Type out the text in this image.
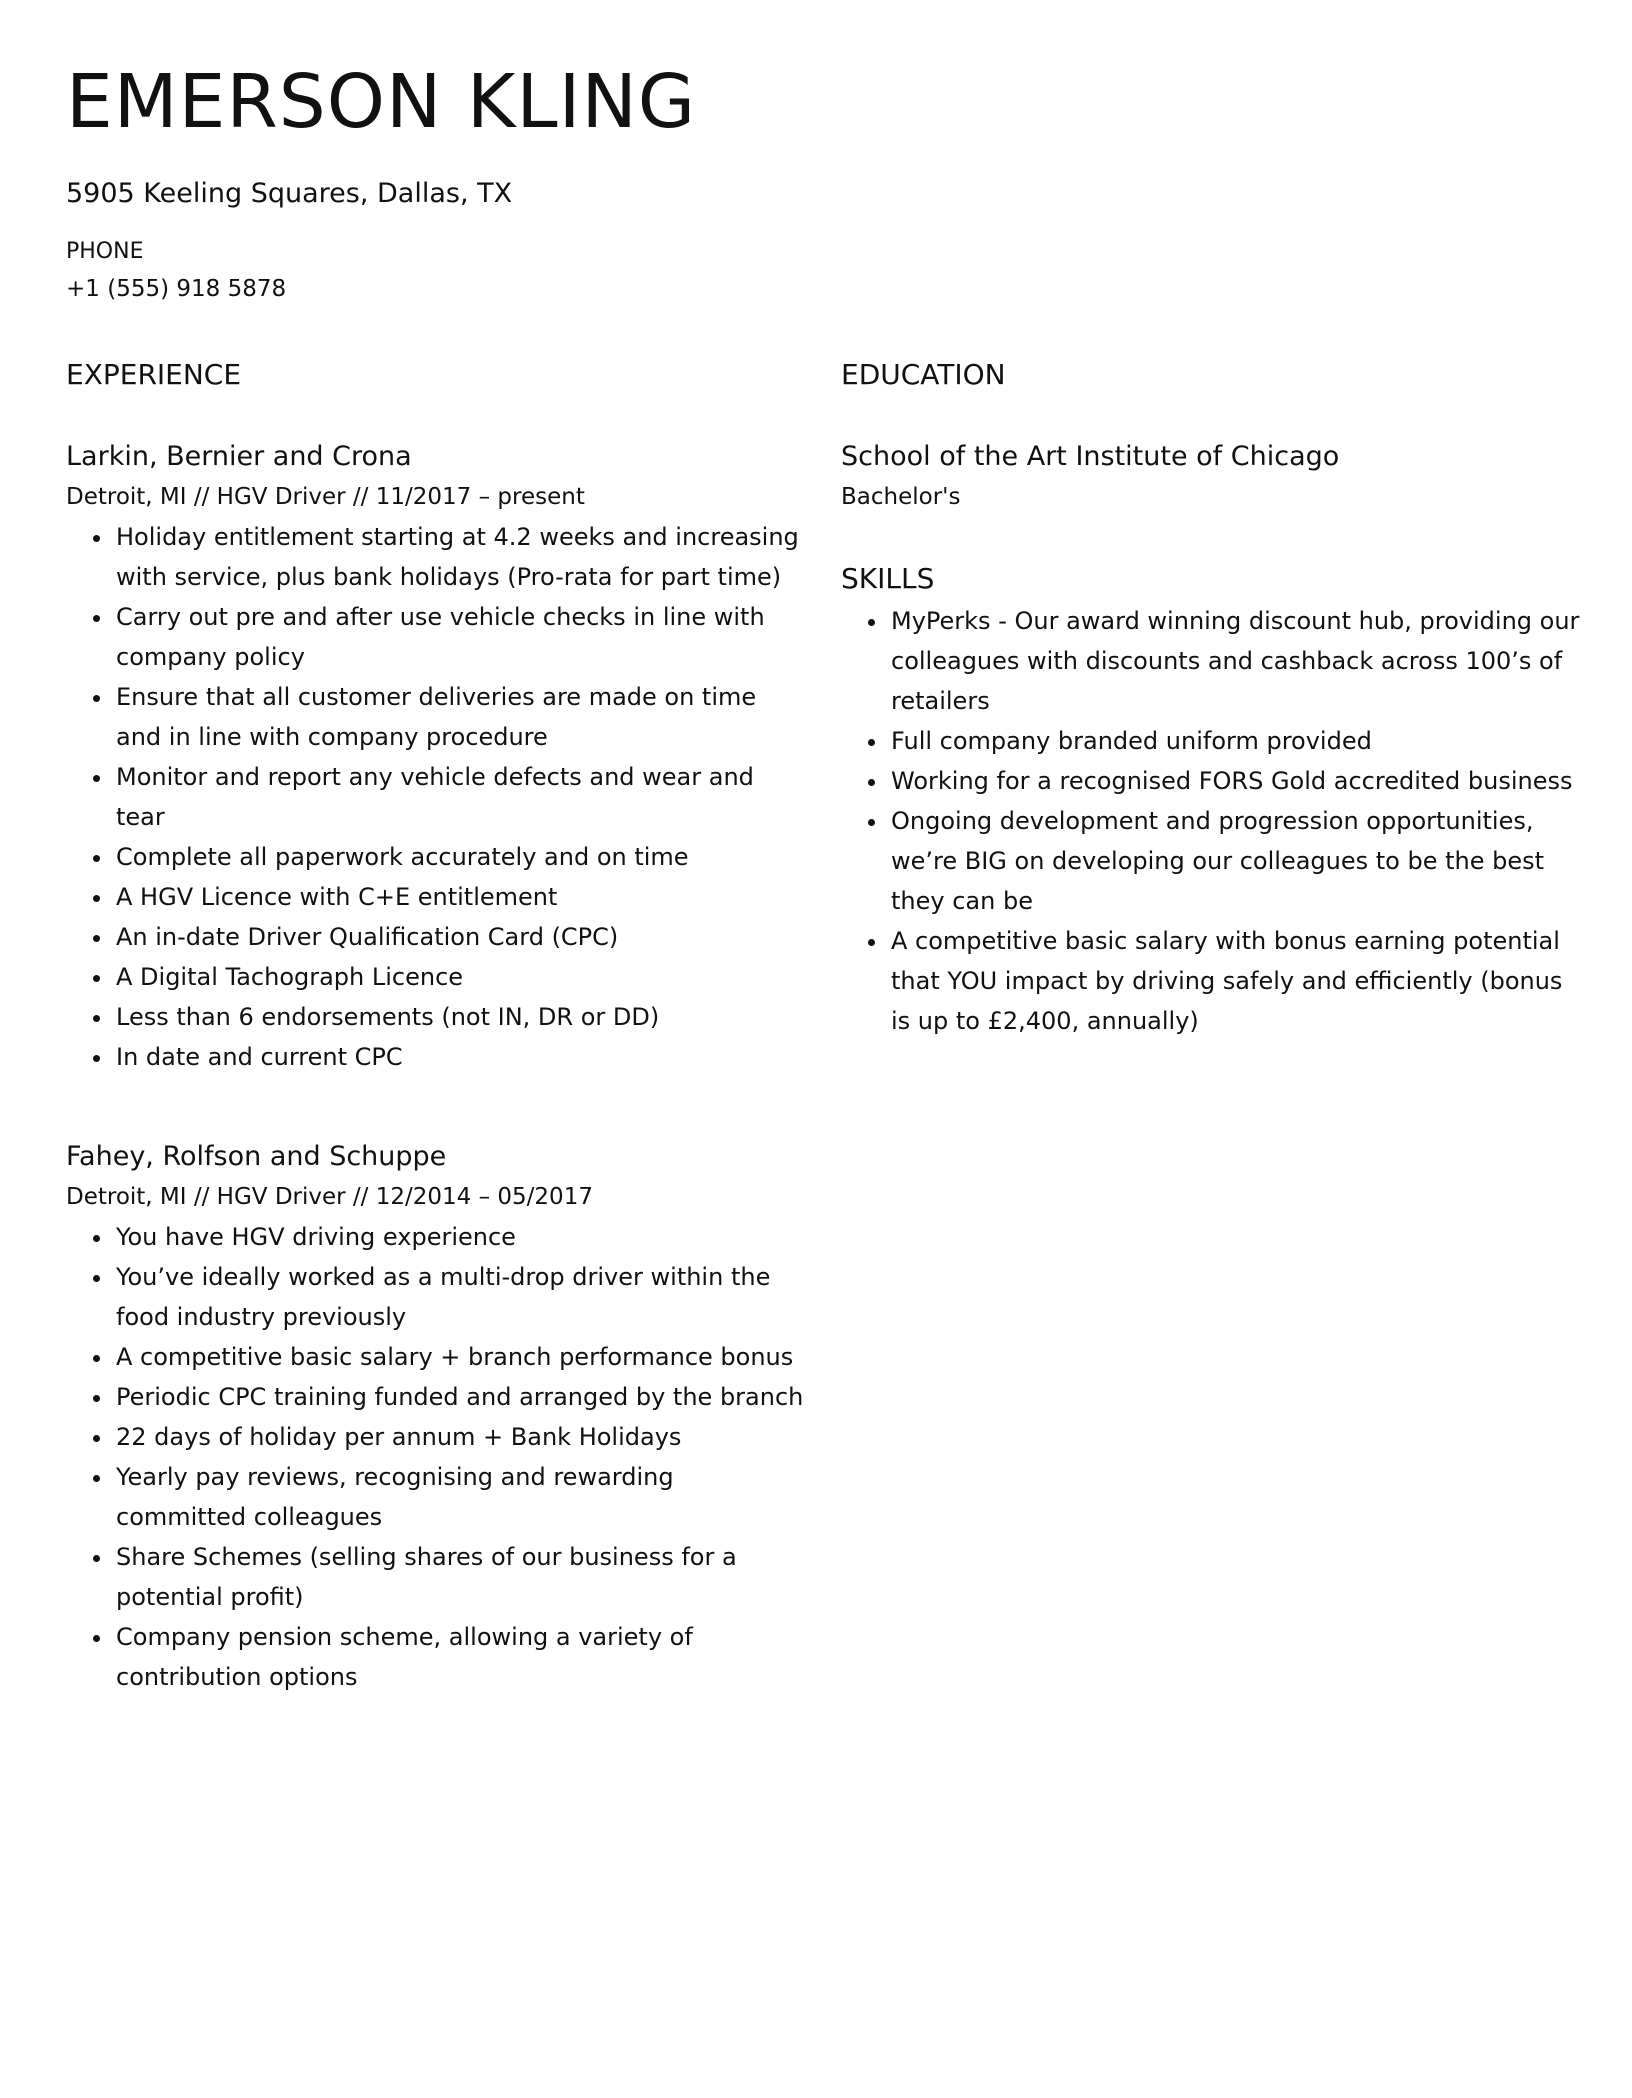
EMERSON KLING
5905 Keeling Squares, Dallas, TX
PHONE
+1 (555) 918 5878
EXPERIENCE
Larkin, Bernier and Crona
Detroit, MI // HGV Driver // 11/2017 – present
• Holiday entitlement starting at 4.2 weeks and increasing with service, plus bank holidays (Pro-rata for part time)
• Carry out pre and after use vehicle checks in line with company policy
• Ensure that all customer deliveries are made on time and in line with company procedure
• Monitor and report any vehicle defects and wear and tear
• Complete all paperwork accurately and on time
• A HGV Licence with C+E entitlement
• An in-date Driver Qualification Card (CPC)
• A Digital Tachograph Licence
• Less than 6 endorsements (not IN, DR or DD)
• In date and current CPC
Fahey, Rolfson and Schuppe
Detroit, MI // HGV Driver // 12/2014 – 05/2017
• You have HGV driving experience
• You’ve ideally worked as a multi-drop driver within the food industry previously
• A competitive basic salary + branch performance bonus
• Periodic CPC training funded and arranged by the branch
• 22 days of holiday per annum + Bank Holidays
• Yearly pay reviews, recognising and rewarding committed colleagues
• Share Schemes (selling shares of our business for a potential profit)
• Company pension scheme, allowing a variety of contribution options
EDUCATION
School of the Art Institute of Chicago
Bachelor's
SKILLS
• MyPerks - Our award winning discount hub, providing our colleagues with discounts and cashback across 100’s of retailers
• Full company branded uniform provided
• Working for a recognised FORS Gold accredited business
• Ongoing development and progression opportunities, we’re BIG on developing our colleagues to be the best they can be
• A competitive basic salary with bonus earning potential that YOU impact by driving safely and efficiently (bonus is up to £2,400, annually)
